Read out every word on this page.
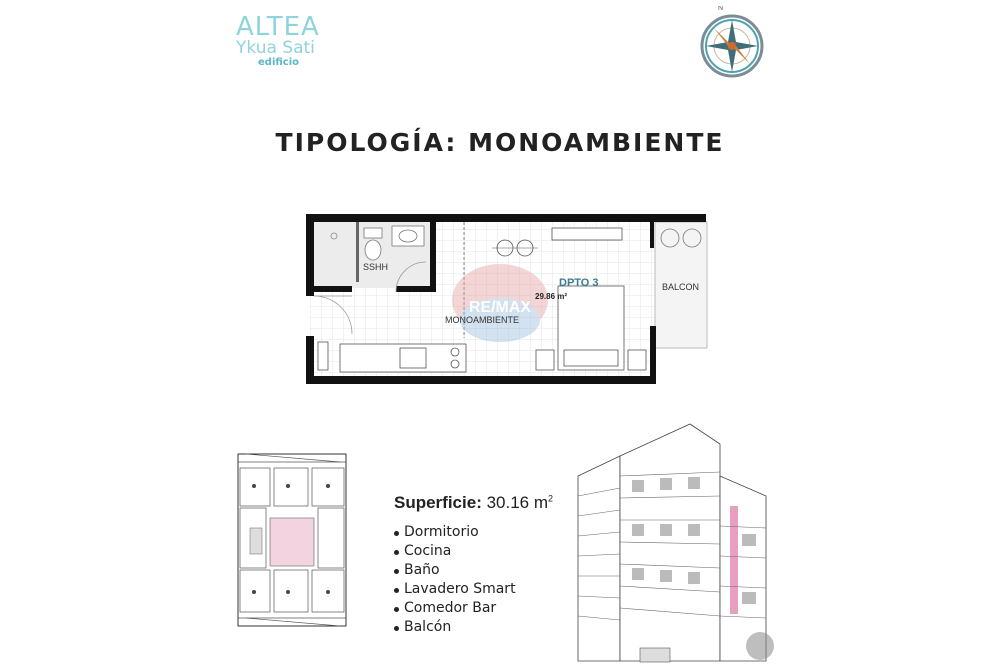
ALTEA
Ykua Sati
edificio
N
TIPOLOGÍA: MONOAMBIENTE
RE/MAX
SSHH
DPTO 3
29.86 m²
MONOAMBIENTE
BALCON
Superficie: 30.16 $m^2$
Dormitorio
Cocina
Baño
Lavadero Smart
Comedor Bar
Balcón
